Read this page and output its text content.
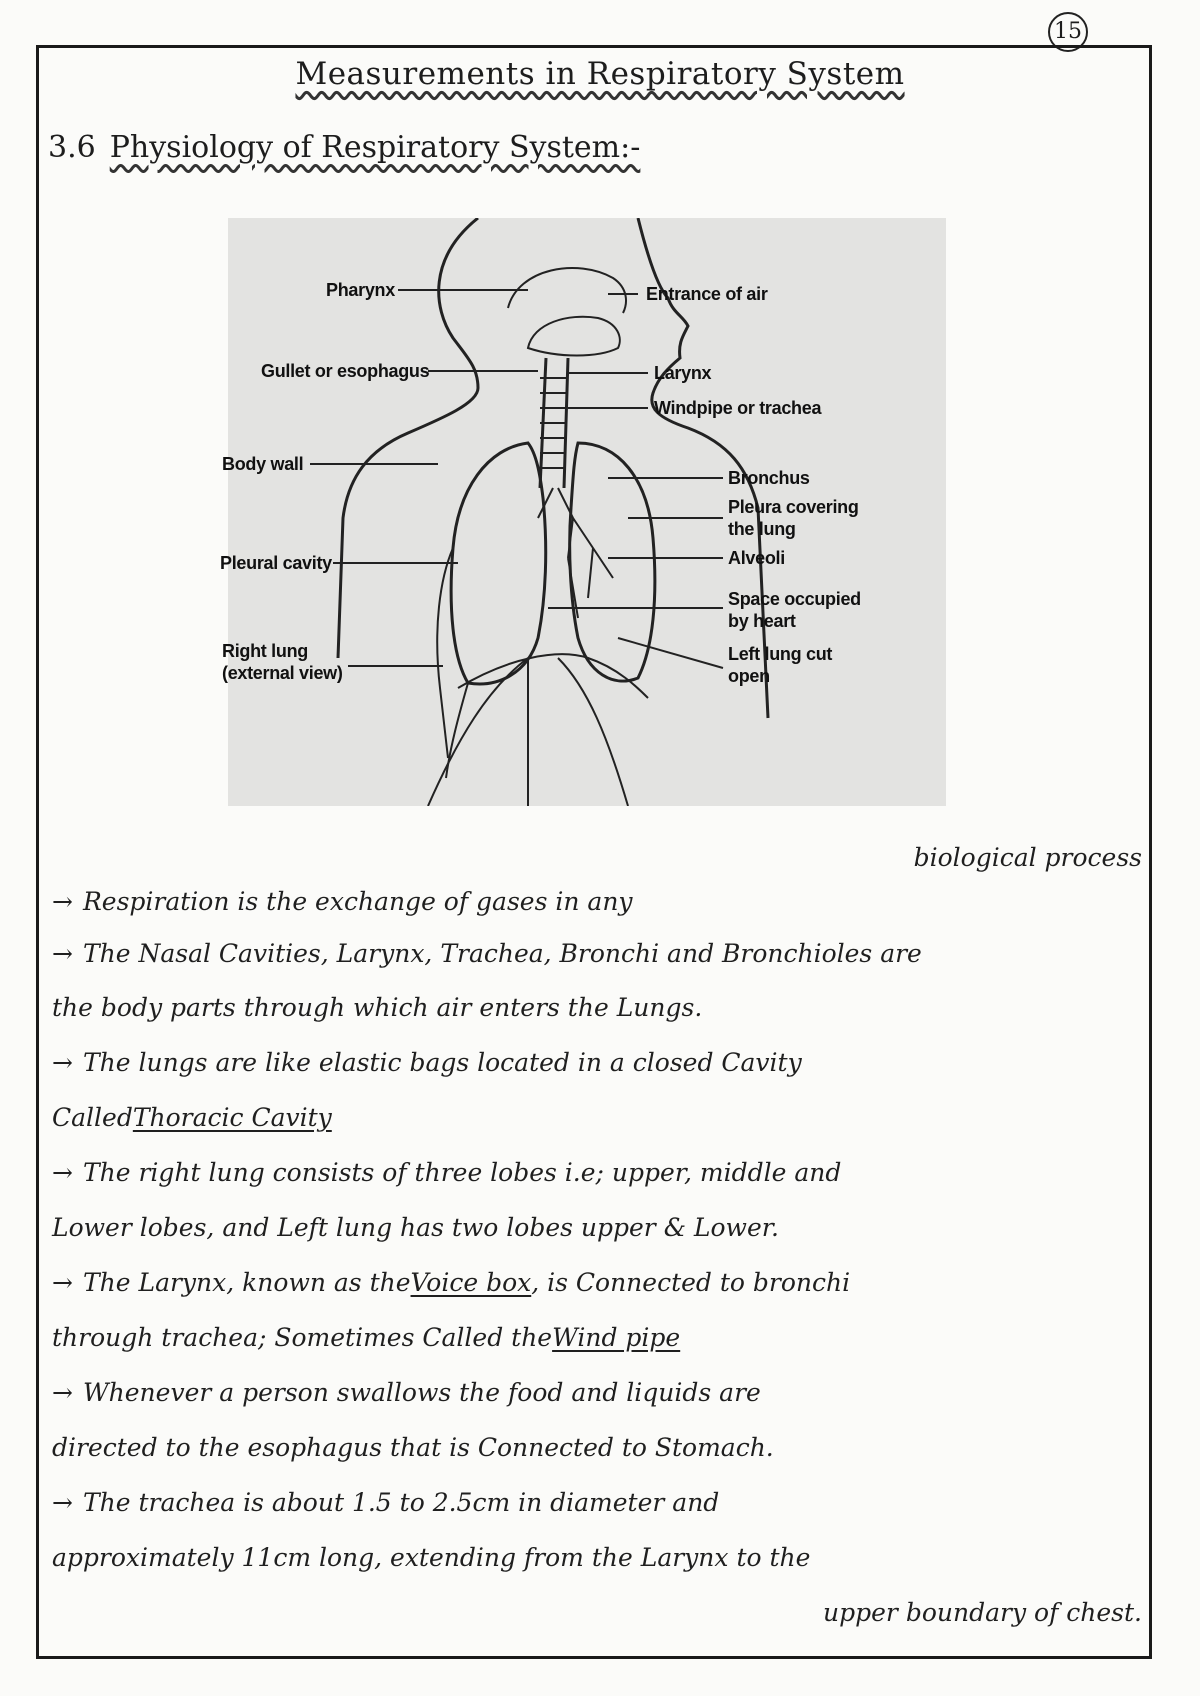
15
Measurements in Respiratory System
3.6 Physiology of Respiratory System:-
Pharynx	Entrance of air
Gullet or esophagus	Larynx
Windpipe or trachea
Body wall
Bronchus
Pleura covering the lung
Alveoli
Pleural cavity
Space occupied by heart
Right lung (external view)
Left lung cut open
biological process
→ Respiration is the exchange of gases in any
→ The Nasal Cavities, Larynx, Trachea, Bronchi and Bronchioles are
the body parts through which air enters the Lungs.
→ The lungs are like elastic bags located in a closed Cavity
CalledThoracic Cavity
→ The right lung consists of three lobes i.e; upper, middle and
Lower lobes, and Left lung has two lobes upper & Lower.
→ The Larynx, known as theVoice box, is Connected to bronchi
through trachea; Sometimes Called theWind pipe
→ Whenever a person swallows the food and liquids are
directed to the esophagus that is Connected to Stomach.
→ The trachea is about 1.5 to 2.5cm in diameter and
approximately 11cm long, extending from the Larynx to the
upper boundary of chest.
